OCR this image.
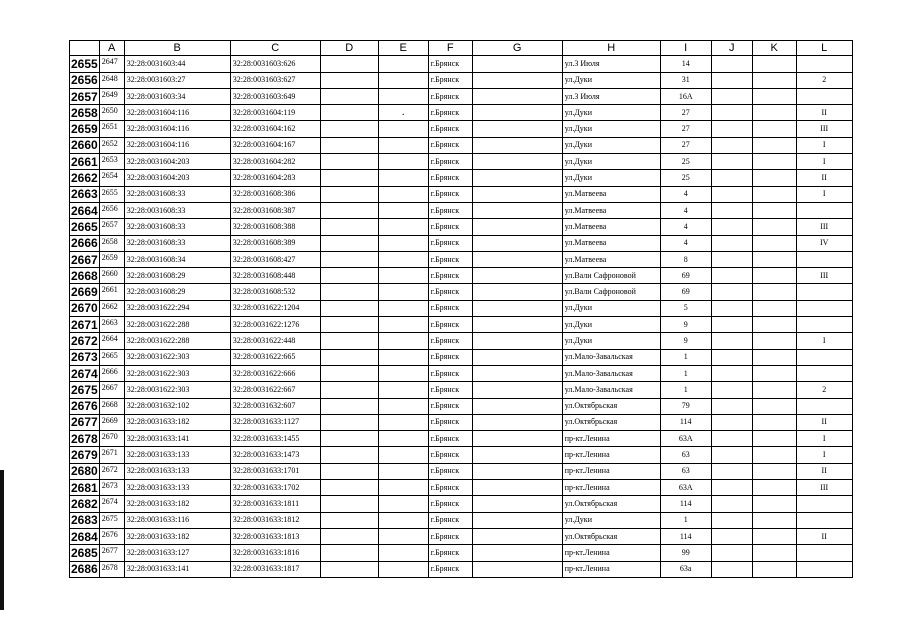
	A	B	C	D	E	F	G	H	I	J	K	L
2655	2647	32:28:0031603:44	32:28:0031603:626			г.Брянск		ул.3 Июля	14			
2656	2648	32:28:0031603:27	32:28:0031603:627			г.Брянск		ул.Дуки	31			2
2657	2649	32:28:0031603:34	32:28:0031603:649			г.Брянск		ул.3 Июля	16А			
2658	2650	32:28:0031604:116	32:28:0031604:119		.	г.Брянск		ул.Дуки	27			II
2659	2651	32:28:0031604:116	32:28:0031604:162			г.Брянск		ул.Дуки	27			III
2660	2652	32:28:0031604:116	32:28:0031604:167			г.Брянск		ул.Дуки	27			I
2661	2653	32:28:0031604:203	32:28:0031604:282			г.Брянск		ул.Дуки	25			I
2662	2654	32:28:0031604:203	32:28:0031604:283			г.Брянск		ул.Дуки	25			II
2663	2655	32:28:0031608:33	32:28:0031608:386			г.Брянск		ул.Матвеева	4			I
2664	2656	32:28:0031608:33	32:28:0031608:387			г.Брянск		ул.Матвеева	4			
2665	2657	32:28:0031608:33	32:28:0031608:388			г.Брянск		ул.Матвеева	4			III
2666	2658	32:28:0031608:33	32:28:0031608:389			г.Брянск		ул.Матвеева	4			IV
2667	2659	32:28:0031608:34	32:28:0031608:427			г.Брянск		ул.Матвеева	8			
2668	2660	32:28:0031608:29	32:28:0031608:448			г.Брянск		ул.Вали Сафроновой	69			III
2669	2661	32:28:0031608:29	32:28:0031608:532			г.Брянск		ул.Вали Сафроновой	69			
2670	2662	32:28:0031622:294	32:28:0031622:1204			г.Брянск		ул.Дуки	5			
2671	2663	32:28:0031622:288	32:28:0031622:1276			г.Брянск		ул.Дуки	9			
2672	2664	32:28:0031622:288	32:28:0031622:448			г.Брянск		ул.Дуки	9			I
2673	2665	32:28:0031622:303	32:28:0031622:665			г.Брянск		ул.Мало-Завальская	1			
2674	2666	32:28:0031622:303	32:28:0031622:666			г.Брянск		ул.Мало-Завальская	1			
2675	2667	32:28:0031622:303	32:28:0031622:667			г.Брянск		ул.Мало-Завальская	1			2
2676	2668	32:28:0031632:102	32:28:0031632:607			г.Брянск		ул.Октябрьская	79			
2677	2669	32:28:0031633:182	32:28:0031633:1127			г.Брянск		ул.Октябрьская	114			II
2678	2670	32:28:0031633:141	32:28:0031633:1455			г.Брянск		пр-кт.Ленина	63А			I
2679	2671	32:28:0031633:133	32:28:0031633:1473			г.Брянск		пр-кт.Ленина	63			I
2680	2672	32:28:0031633:133	32:28:0031633:1701			г.Брянск		пр-кт.Ленина	63			II
2681	2673	32:28:0031633:133	32:28:0031633:1702			г.Брянск		пр-кт.Ленина	63А			III
2682	2674	32:28:0031633:182	32:28:0031633:1811			г.Брянск		ул.Октябрьская	114			
2683	2675	32:28:0031633:116	32:28:0031633:1812			г.Брянск		ул.Дуки	1			
2684	2676	32:28:0031633:182	32:28:0031633:1813			г.Брянск		ул.Октябрьская	114			II
2685	2677	32:28:0031633:127	32:28:0031633:1816			г.Брянск		пр-кт.Ленина	99			
2686	2678	32:28:0031633:141	32:28:0031633:1817			г.Брянск		пр-кт.Ленина	63а			
